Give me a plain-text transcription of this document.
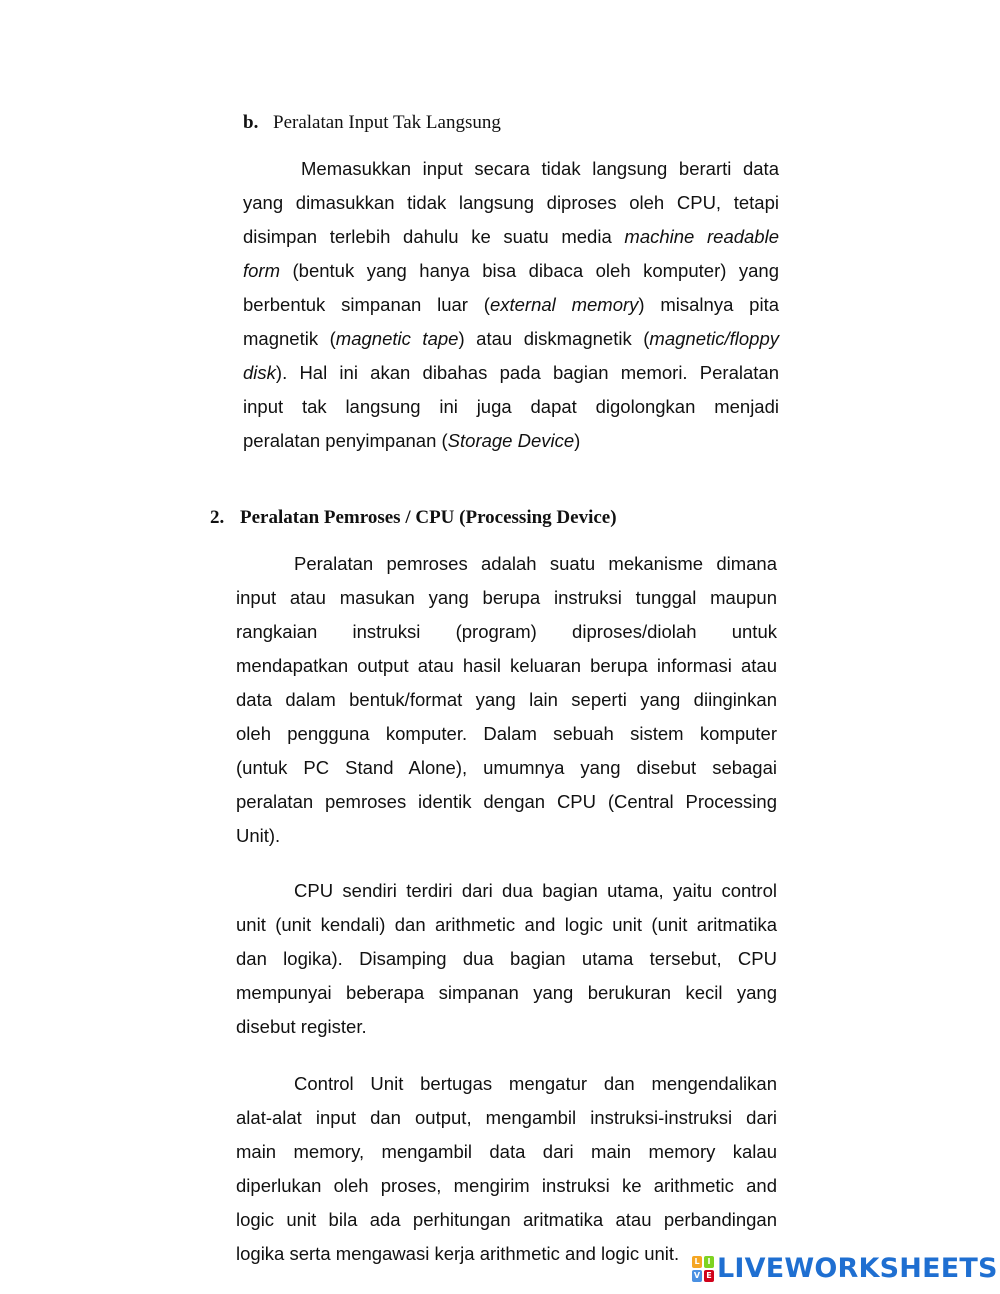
b. Peralatan Input Tak Langsung
Memasukkan input secara tidak langsung berarti data
yang dimasukkan tidak langsung diproses oleh CPU, tetapi
disimpan terlebih dahulu ke suatu media machine readable
form (bentuk yang hanya bisa dibaca oleh komputer) yang
berbentuk simpanan luar (external memory) misalnya pita
magnetik (magnetic tape) atau diskmagnetik (magnetic/floppy
disk). Hal ini akan dibahas pada bagian memori. Peralatan
input tak langsung ini juga dapat digolongkan menjadi
peralatan penyimpanan (Storage Device)
2. Peralatan Pemroses / CPU (Processing Device)
Peralatan pemroses adalah suatu mekanisme dimana
input atau masukan yang berupa instruksi tunggal maupun
rangkaian instruksi (program) diproses/diolah untuk
mendapatkan output atau hasil keluaran berupa informasi atau
data dalam bentuk/format yang lain seperti yang diinginkan
oleh pengguna komputer. Dalam sebuah sistem komputer
(untuk PC Stand Alone), umumnya yang disebut sebagai
peralatan pemroses identik dengan CPU (Central Processing
Unit).
CPU sendiri terdiri dari dua bagian utama, yaitu control
unit (unit kendali) dan arithmetic and logic unit (unit aritmatika
dan logika). Disamping dua bagian utama tersebut, CPU
mempunyai beberapa simpanan yang berukuran kecil yang
disebut register.
Control Unit bertugas mengatur dan mengendalikan
alat-alat input dan output, mengambil instruksi-instruksi dari
main memory, mengambil data dari main memory kalau
diperlukan oleh proses, mengirim instruksi ke arithmetic and
logic unit bila ada perhitungan aritmatika atau perbandingan
logika serta mengawasi kerja arithmetic and logic unit.	L I
V E LIVEWORKSHEETS
